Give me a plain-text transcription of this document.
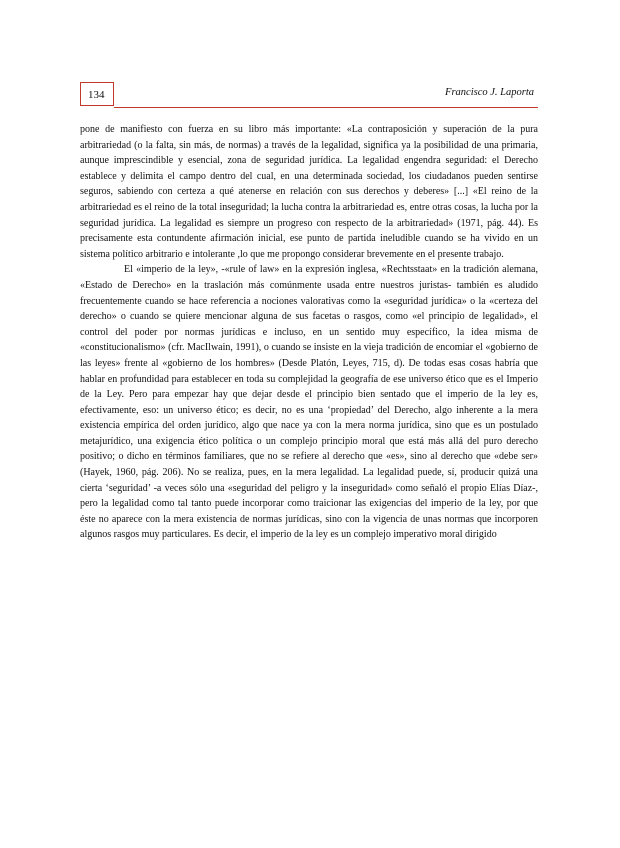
134	Francisco J. Laporta

pone de manifiesto con fuerza en su libro más importante: «La contraposición y superación de la pura arbitrariedad (o la falta, sin más, de normas) a través de la legalidad, significa ya la posibilidad de una primaria, aunque imprescindible y esencial, zona de seguridad jurídica. La legalidad engendra seguridad: el Derecho establece y delimita el campo dentro del cual, en una determinada sociedad, los ciudadanos pueden sentirse seguros, sabiendo con certeza a qué atenerse en relación con sus derechos y deberes» [...] «El reino de la arbitrariedad es el reino de la total inseguridad; la lucha contra la arbitrariedad es, entre otras cosas, la lucha por la seguridad jurídica. La legalidad es siempre un progreso con respecto de la arbitrariedad» (1971, pág. 44). Es precisamente esta contundente afirmación inicial, ese punto de partida ineludible cuando se ha vivido en un sistema político arbitrario e intolerante ,lo que me propongo considerar brevemente en el presente trabajo.

El «imperio de la ley», -«rule of law» en la expresión inglesa, «Rechtsstaat» en la tradición alemana, «Estado de Derecho» en la traslación más comúnmente usada entre nuestros juristas- también es aludido frecuentemente cuando se hace referencia a nociones valorativas como la «seguridad jurídica» o la «certeza del derecho» o cuando se quiere mencionar alguna de sus facetas o rasgos, como «el principio de legalidad», el control del poder por normas jurídicas e incluso, en un sentido muy específico, la idea misma de «constitucionalismo» (cfr. MacIlwain, 1991), o cuando se insiste en la vieja tradición de encomiar el «gobierno de las leyes» frente al «gobierno de los hombres» (Desde Platón, Leyes, 715, d). De todas esas cosas habría que hablar en profundidad para establecer en toda su complejidad la geografía de ese universo ético que es el Imperio de la Ley. Pero para empezar hay que dejar desde el principio bien sentado que el imperio de la ley es, efectivamente, eso: un universo ético; es decir, no es una ‘propiedad’ del Derecho, algo inherente a la mera existencia empírica del orden jurídico, algo que nace ya con la mera norma jurídica, sino que es un postulado metajurídico, una exigencia ético política o un complejo principio moral que está más allá del puro derecho positivo; o dicho en términos familiares, que no se refiere al derecho que «es», sino al derecho que «debe ser» (Hayek, 1960, pág. 206). No se realiza, pues, en la mera legalidad. La legalidad puede, sí, producir quizá una cierta ‘seguridad’ -a veces sólo una «seguridad del peligro y la inseguridad» como señaló el propio Elías Díaz-, pero la legalidad como tal tanto puede incorporar como traicionar las exigencias del imperio de la ley, por que éste no aparece con la mera existencia de normas jurídicas, sino con la vigencia de unas normas que incorporen algunos rasgos muy particulares. Es decir, el imperio de la ley es un complejo imperativo moral dirigido
